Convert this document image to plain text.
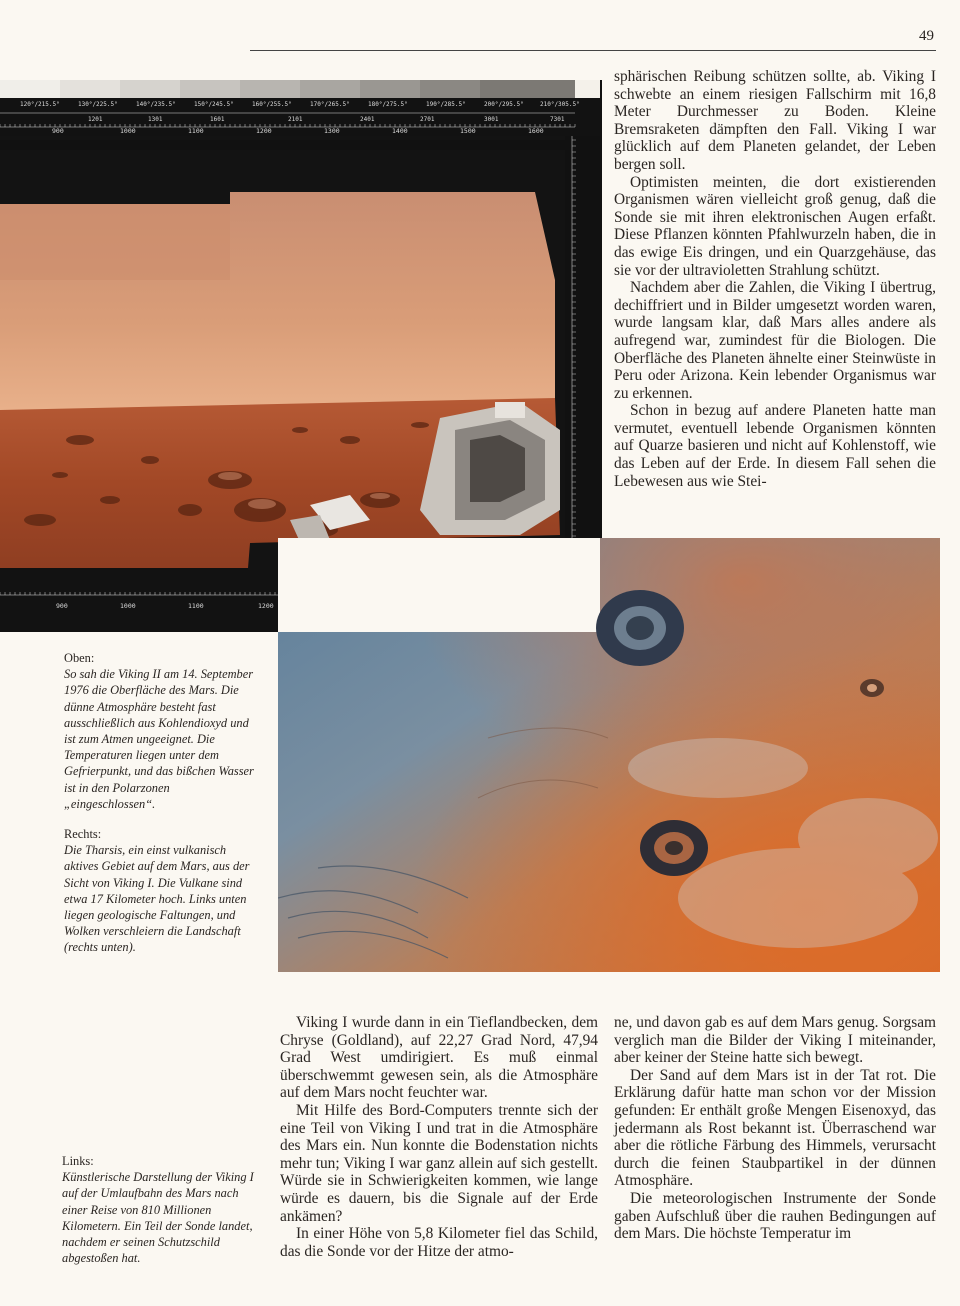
49
120°/215.5°	130°/225.5°	140°/235.5°	150°/245.5°	160°/255.5°	170°/265.5°	180°/275.5°	190°/285.5°	200°/295.5°	210°/305.5°
1201	1301	1601	2101	2401	2701	3001	7301
900	1000	1100	1200	1300	1400	1500	1600
900	1000	1100	1200

sphärischen Reibung schützen sollte, ab. Viking I schwebte an einem riesigen Fallschirm mit 16,8 Meter Durchmesser zu Boden. Kleine Bremsraketen dämpften den Fall. Viking I war glücklich auf dem Planeten gelandet, der Leben bergen soll.

Optimisten meinten, die dort existierenden Organismen wären vielleicht groß genug, daß die Sonde sie mit ihren elektronischen Augen erfaßt. Diese Pflanzen könnten Pfahlwurzeln haben, die in das ewige Eis dringen, und ein Quarzgehäuse, das sie vor der ultravioletten Strahlung schützt.

Nachdem aber die Zahlen, die Viking I übertrug, dechiffriert und in Bilder umgesetzt worden waren, wurde langsam klar, daß Mars alles andere als aufregend war, zumindest für die Biologen. Die Oberfläche des Planeten ähnelte einer Steinwüste in Peru oder Arizona. Kein lebender Organismus war zu erkennen.

Schon in bezug auf andere Planeten hatte man vermutet, eventuell lebende Organismen könnten auf Quarze basieren und nicht auf Kohlenstoff, wie das Leben auf der Erde. In diesem Fall sehen die Lebewesen aus wie Stei-

Viking I wurde dann in ein Tieflandbecken, dem Chryse (Goldland), auf 22,27 Grad Nord, 47,94 Grad West umdirigiert. Es muß einmal überschwemmt gewesen sein, als die Atmosphäre auf dem Mars nocht feuchter war.

Mit Hilfe des Bord-Computers trennte sich der eine Teil von Viking I und trat in die Atmosphäre des Mars ein. Nun konnte die Bodenstation nichts mehr tun; Viking I war ganz allein auf sich gestellt. Würde sie in Schwierigkeiten kommen, wie lange würde es dauern, bis die Signale auf der Erde ankämen?

In einer Höhe von 5,8 Kilometer fiel das Schild, das die Sonde vor der Hitze der atmo-

ne, und davon gab es auf dem Mars genug. Sorgsam verglich man die Bilder der Viking I miteinander, aber keiner der Steine hatte sich bewegt.

Der Sand auf dem Mars ist in der Tat rot. Die Erklärung dafür hatte man schon vor der Mission gefunden: Er enthält große Mengen Eisenoxyd, das jedermann als Rost bekannt ist. Überraschend war aber die rötliche Färbung des Himmels, verursacht durch die feinen Staubpartikel in der dünnen Atmosphäre.

Die meteorologischen Instrumente der Sonde gaben Aufschluß über die rauhen Bedingungen auf dem Mars. Die höchste Temperatur im

Oben:
So sah die Viking II am 14. September 1976 die Oberfläche des Mars. Die dünne Atmosphäre besteht fast ausschließlich aus Kohlendioxyd und ist zum Atmen ungeeignet. Die Temperaturen liegen unter dem Gefrierpunkt, und das bißchen Wasser ist in den Polarzonen „eingeschlossen“.
Rechts:
Die Tharsis, ein einst vulkanisch aktives Gebiet auf dem Mars, aus der Sicht von Viking I. Die Vulkane sind etwa 17 Kilometer hoch. Links unten liegen geologische Faltungen, und Wolken verschleiern die Landschaft (rechts unten).
Links:
Künstlerische Darstellung der Viking I auf der Umlaufbahn des Mars nach einer Reise von 810 Millionen Kilometern. Ein Teil der Sonde landet, nachdem er seinen Schutzschild abgestoßen hat.
